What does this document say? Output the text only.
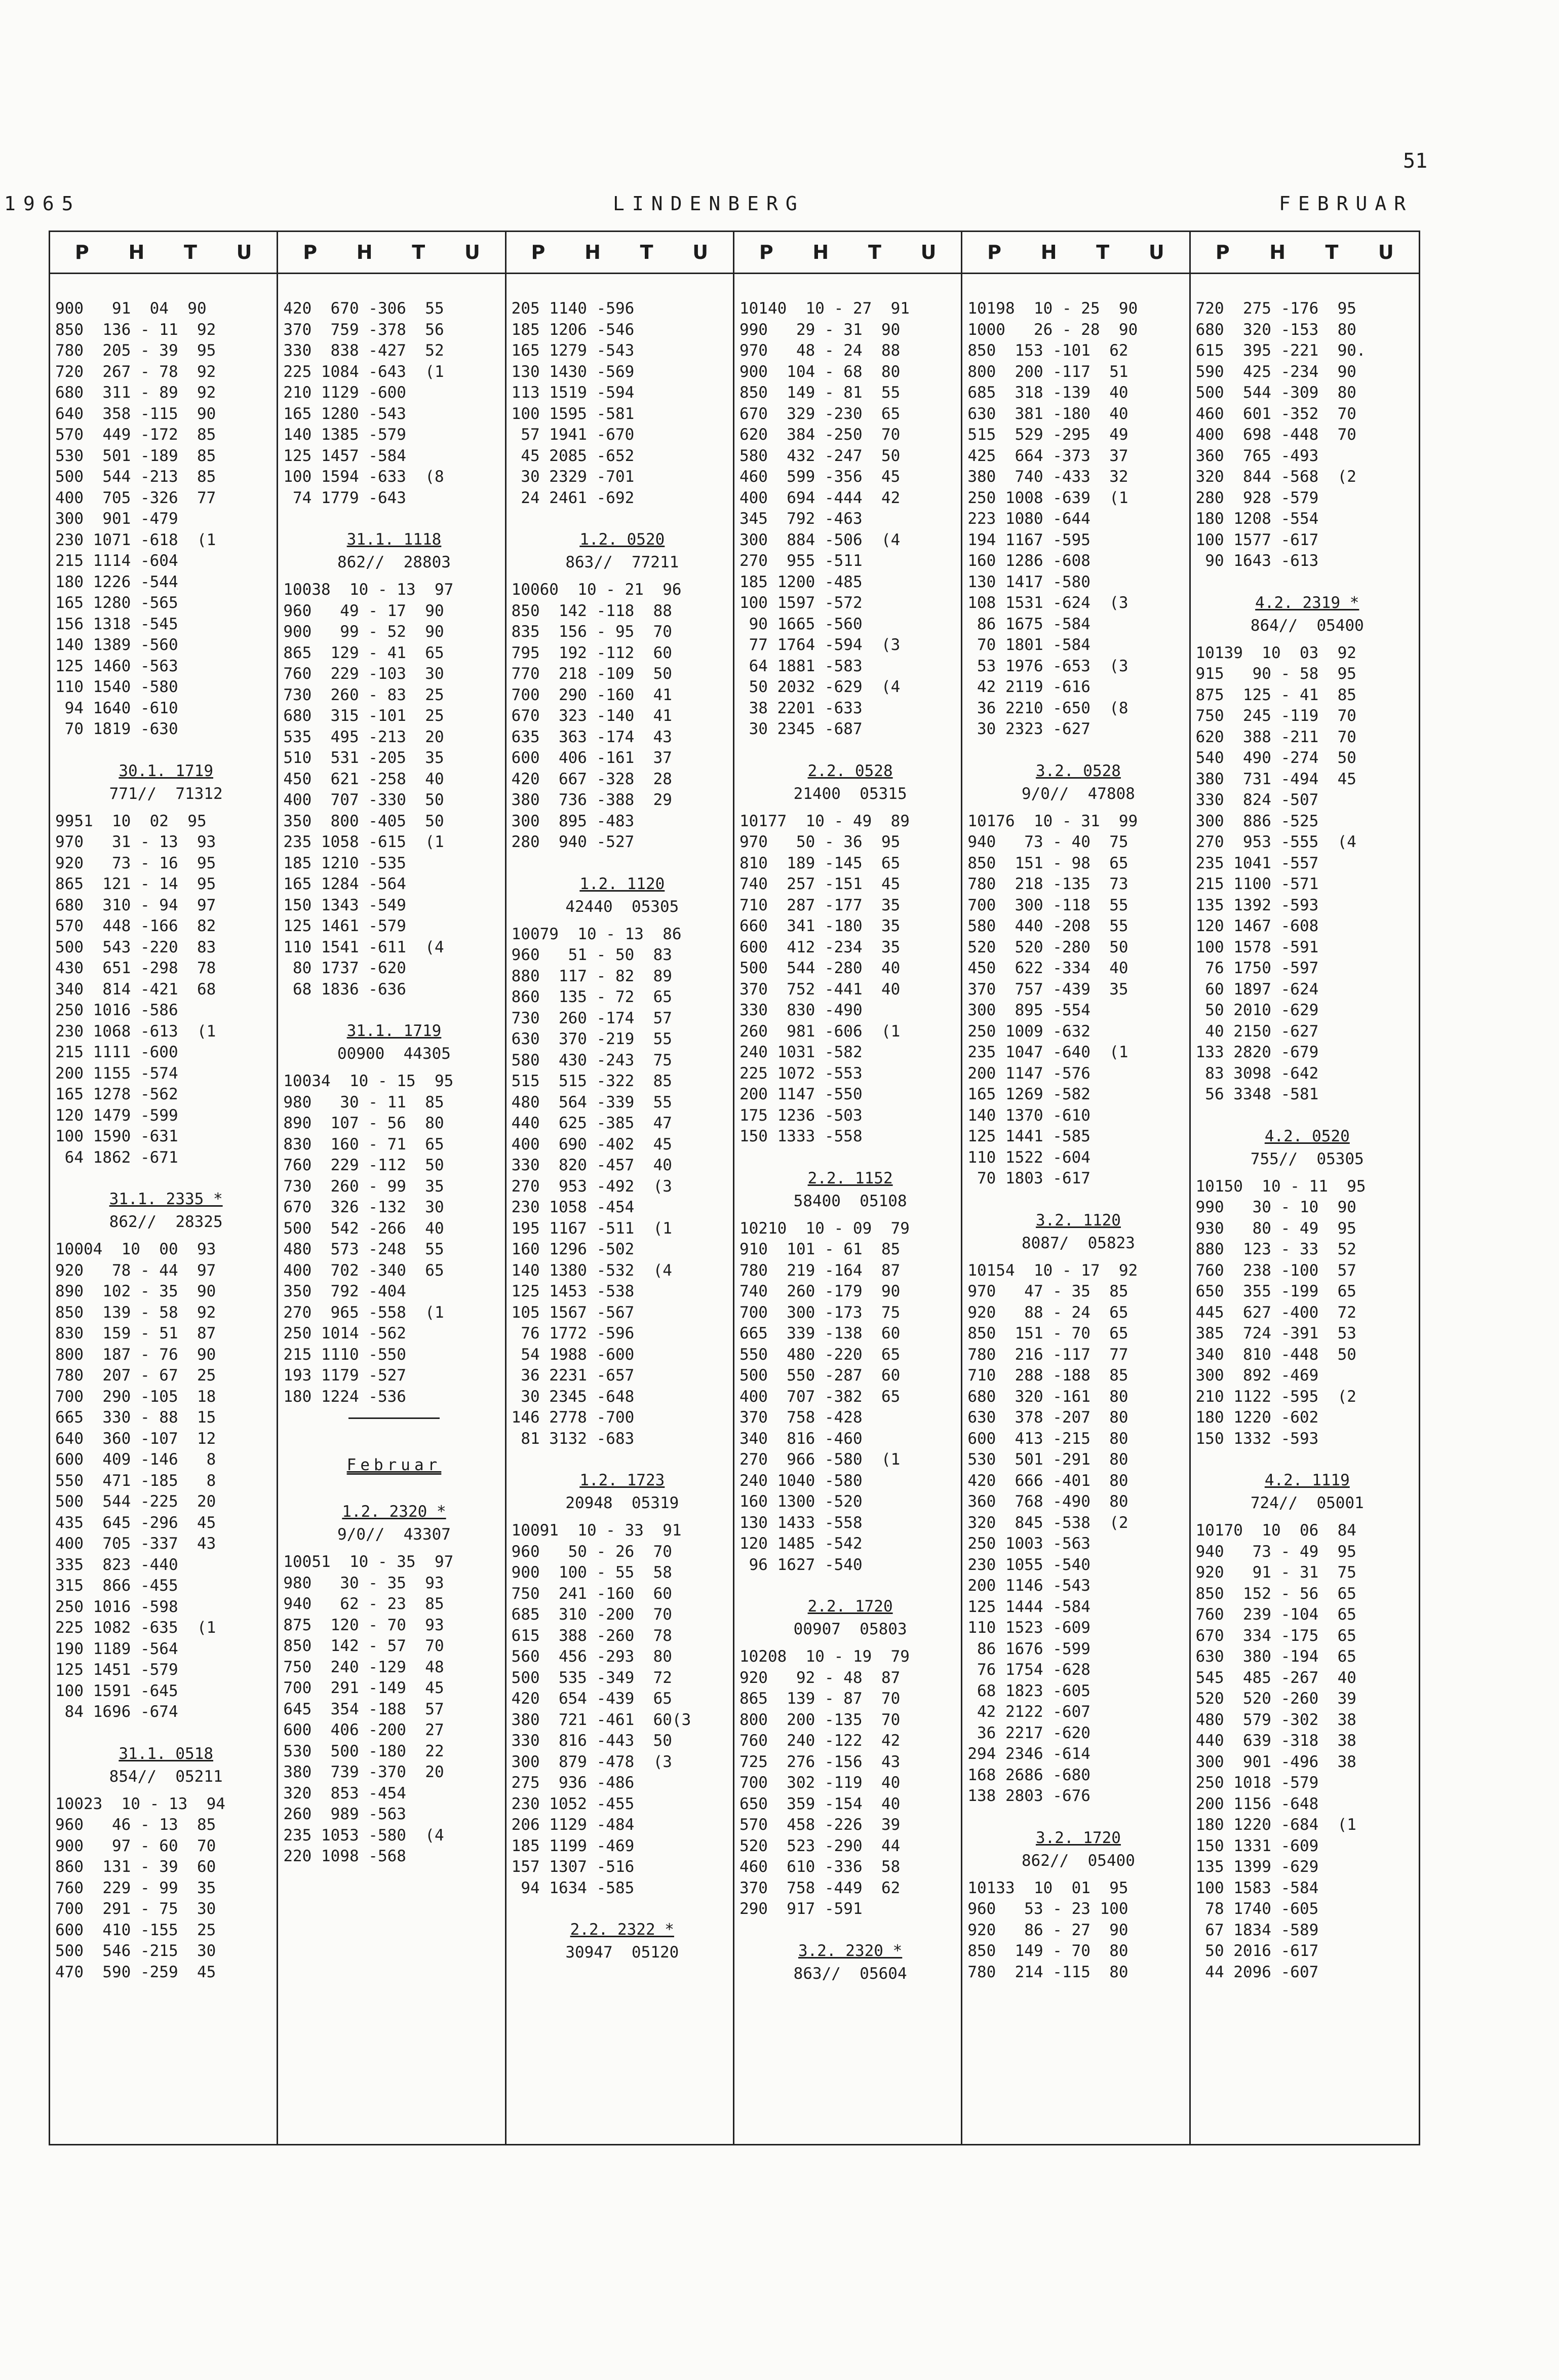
51
1965	LINDENBERG	FEBRUAR
P H T U
900   91  04  90
850  136 - 11  92
780  205 - 39  95
720  267 - 78  92
680  311 - 89  92
640  358 -115  90
570  449 -172  85
530  501 -189  85
500  544 -213  85
400  705 -326  77
300  901 -479
230 1071 -618  (1
215 1114 -604
180 1226 -544
165 1280 -565
156 1318 -545
140 1389 -560
125 1460 -563
110 1540 -580
94 1640 -610
70 1819 -630
30.1. 1719
771//  71312
9951  10  02  95
970   31 - 13  93
920   73 - 16  95
865  121 - 14  95
680  310 - 94  97
570  448 -166  82
500  543 -220  83
430  651 -298  78
340  814 -421  68
250 1016 -586
230 1068 -613  (1
215 1111 -600
200 1155 -574
165 1278 -562
120 1479 -599
100 1590 -631
64 1862 -671
31.1. 2335 *
862//  28325
10004  10  00  93
920   78 - 44  97
890  102 - 35  90
850  139 - 58  92
830  159 - 51  87
800  187 - 76  90
780  207 - 67  25
700  290 -105  18
665  330 - 88  15
640  360 -107  12
600  409 -146   8
550  471 -185   8
500  544 -225  20
435  645 -296  45
400  705 -337  43
335  823 -440
315  866 -455
250 1016 -598
225 1082 -635  (1
190 1189 -564
125 1451 -579
100 1591 -645
84 1696 -674
31.1. 0518
854//  05211
10023  10 - 13  94
960   46 - 13  85
900   97 - 60  70
860  131 - 39  60
760  229 - 99  35
700  291 - 75  30
600  410 -155  25
500  546 -215  30
470  590 -259  45
P H T U
420  670 -306  55
370  759 -378  56
330  838 -427  52
225 1084 -643  (1
210 1129 -600
165 1280 -543
140 1385 -579
125 1457 -584
100 1594 -633  (8
74 1779 -643
31.1. 1118
862//  28803
10038  10 - 13  97
960   49 - 17  90
900   99 - 52  90
865  129 - 41  65
760  229 -103  30
730  260 - 83  25
680  315 -101  25
535  495 -213  20
510  531 -205  35
450  621 -258  40
400  707 -330  50
350  800 -405  50
235 1058 -615  (1
185 1210 -535
165 1284 -564
150 1343 -549
125 1461 -579
110 1541 -611  (4
80 1737 -620
68 1836 -636
31.1. 1719
00900  44305
10034  10 - 15  95
980   30 - 11  85
890  107 - 56  80
830  160 - 71  65
760  229 -112  50
730  260 - 99  35
670  326 -132  30
500  542 -266  40
480  573 -248  55
400  702 -340  65
350  792 -404
270  965 -558  (1
250 1014 -562
215 1110 -550
193 1179 -527
180 1224 -536
Februar
1.2. 2320 *
9/0//  43307
10051  10 - 35  97
980   30 - 35  93
940   62 - 23  85
875  120 - 70  93
850  142 - 57  70
750  240 -129  48
700  291 -149  45
645  354 -188  57
600  406 -200  27
530  500 -180  22
380  739 -370  20
320  853 -454
260  989 -563
235 1053 -580  (4
220 1098 -568
P H T U
205 1140 -596
185 1206 -546
165 1279 -543
130 1430 -569
113 1519 -594
100 1595 -581
57 1941 -670
45 2085 -652
30 2329 -701
24 2461 -692
1.2. 0520
863//  77211
10060  10 - 21  96
850  142 -118  88
835  156 - 95  70
795  192 -112  60
770  218 -109  50
700  290 -160  41
670  323 -140  41
635  363 -174  43
600  406 -161  37
420  667 -328  28
380  736 -388  29
300  895 -483
280  940 -527
1.2. 1120
42440  05305
10079  10 - 13  86
960   51 - 50  83
880  117 - 82  89
860  135 - 72  65
730  260 -174  57
630  370 -219  55
580  430 -243  75
515  515 -322  85
480  564 -339  55
440  625 -385  47
400  690 -402  45
330  820 -457  40
270  953 -492  (3
230 1058 -454
195 1167 -511  (1
160 1296 -502
140 1380 -532  (4
125 1453 -538
105 1567 -567
76 1772 -596
54 1988 -600
36 2231 -657
30 2345 -648
146 2778 -700
81 3132 -683
1.2. 1723
20948  05319
10091  10 - 33  91
960   50 - 26  70
900  100 - 55  58
750  241 -160  60
685  310 -200  70
615  388 -260  78
560  456 -293  80
500  535 -349  72
420  654 -439  65
380  721 -461  60(3
330  816 -443  50
300  879 -478  (3
275  936 -486
230 1052 -455
206 1129 -484
185 1199 -469
157 1307 -516
94 1634 -585
2.2. 2322 *
30947  05120
P H T U
10140  10 - 27  91
990   29 - 31  90
970   48 - 24  88
900  104 - 68  80
850  149 - 81  55
670  329 -230  65
620  384 -250  70
580  432 -247  50
460  599 -356  45
400  694 -444  42
345  792 -463
300  884 -506  (4
270  955 -511
185 1200 -485
100 1597 -572
90 1665 -560
77 1764 -594  (3
64 1881 -583
50 2032 -629  (4
38 2201 -633
30 2345 -687
2.2. 0528
21400  05315
10177  10 - 49  89
970   50 - 36  95
810  189 -145  65
740  257 -151  45
710  287 -177  35
660  341 -180  35
600  412 -234  35
500  544 -280  40
370  752 -441  40
330  830 -490
260  981 -606  (1
240 1031 -582
225 1072 -553
200 1147 -550
175 1236 -503
150 1333 -558
2.2. 1152
58400  05108
10210  10 - 09  79
910  101 - 61  85
780  219 -164  87
740  260 -179  90
700  300 -173  75
665  339 -138  60
550  480 -220  65
500  550 -287  60
400  707 -382  65
370  758 -428
340  816 -460
270  966 -580  (1
240 1040 -580
160 1300 -520
130 1433 -558
120 1485 -542
96 1627 -540
2.2. 1720
00907  05803
10208  10 - 19  79
920   92 - 48  87
865  139 - 87  70
800  200 -135  70
760  240 -122  42
725  276 -156  43
700  302 -119  40
650  359 -154  40
570  458 -226  39
520  523 -290  44
460  610 -336  58
370  758 -449  62
290  917 -591
3.2. 2320 *
863//  05604
P H T U
10198  10 - 25  90
1000   26 - 28  90
850  153 -101  62
800  200 -117  51
685  318 -139  40
630  381 -180  40
515  529 -295  49
425  664 -373  37
380  740 -433  32
250 1008 -639  (1
223 1080 -644
194 1167 -595
160 1286 -608
130 1417 -580
108 1531 -624  (3
86 1675 -584
70 1801 -584
53 1976 -653  (3
42 2119 -616
36 2210 -650  (8
30 2323 -627
3.2. 0528
9/0//  47808
10176  10 - 31  99
940   73 - 40  75
850  151 - 98  65
780  218 -135  73
700  300 -118  55
580  440 -208  55
520  520 -280  50
450  622 -334  40
370  757 -439  35
300  895 -554
250 1009 -632
235 1047 -640  (1
200 1147 -576
165 1269 -582
140 1370 -610
125 1441 -585
110 1522 -604
70 1803 -617
3.2. 1120
8087/  05823
10154  10 - 17  92
970   47 - 35  85
920   88 - 24  65
850  151 - 70  65
780  216 -117  77
710  288 -188  85
680  320 -161  80
630  378 -207  80
600  413 -215  80
530  501 -291  80
420  666 -401  80
360  768 -490  80
320  845 -538  (2
250 1003 -563
230 1055 -540
200 1146 -543
125 1444 -584
110 1523 -609
86 1676 -599
76 1754 -628
68 1823 -605
42 2122 -607
36 2217 -620
294 2346 -614
168 2686 -680
138 2803 -676
3.2. 1720
862//  05400
10133  10  01  95
960   53 - 23 100
920   86 - 27  90
850  149 - 70  80
780  214 -115  80
P H T U
720  275 -176  95
680  320 -153  80
615  395 -221  90.
590  425 -234  90
500  544 -309  80
460  601 -352  70
400  698 -448  70
360  765 -493
320  844 -568  (2
280  928 -579
180 1208 -554
100 1577 -617
90 1643 -613
4.2. 2319 *
864//  05400
10139  10  03  92
915   90 - 58  95
875  125 - 41  85
750  245 -119  70
620  388 -211  70
540  490 -274  50
380  731 -494  45
330  824 -507
300  886 -525
270  953 -555  (4
235 1041 -557
215 1100 -571
135 1392 -593
120 1467 -608
100 1578 -591
76 1750 -597
60 1897 -624
50 2010 -629
40 2150 -627
133 2820 -679
83 3098 -642
56 3348 -581
4.2. 0520
755//  05305
10150  10 - 11  95
990   30 - 10  90
930   80 - 49  95
880  123 - 33  52
760  238 -100  57
650  355 -199  65
445  627 -400  72
385  724 -391  53
340  810 -448  50
300  892 -469
210 1122 -595  (2
180 1220 -602
150 1332 -593
4.2. 1119
724//  05001
10170  10  06  84
940   73 - 49  95
920   91 - 31  75
850  152 - 56  65
760  239 -104  65
670  334 -175  65
630  380 -194  65
545  485 -267  40
520  520 -260  39
480  579 -302  38
440  639 -318  38
300  901 -496  38
250 1018 -579
200 1156 -648
180 1220 -684  (1
150 1331 -609
135 1399 -629
100 1583 -584
78 1740 -605
67 1834 -589
50 2016 -617
44 2096 -607
